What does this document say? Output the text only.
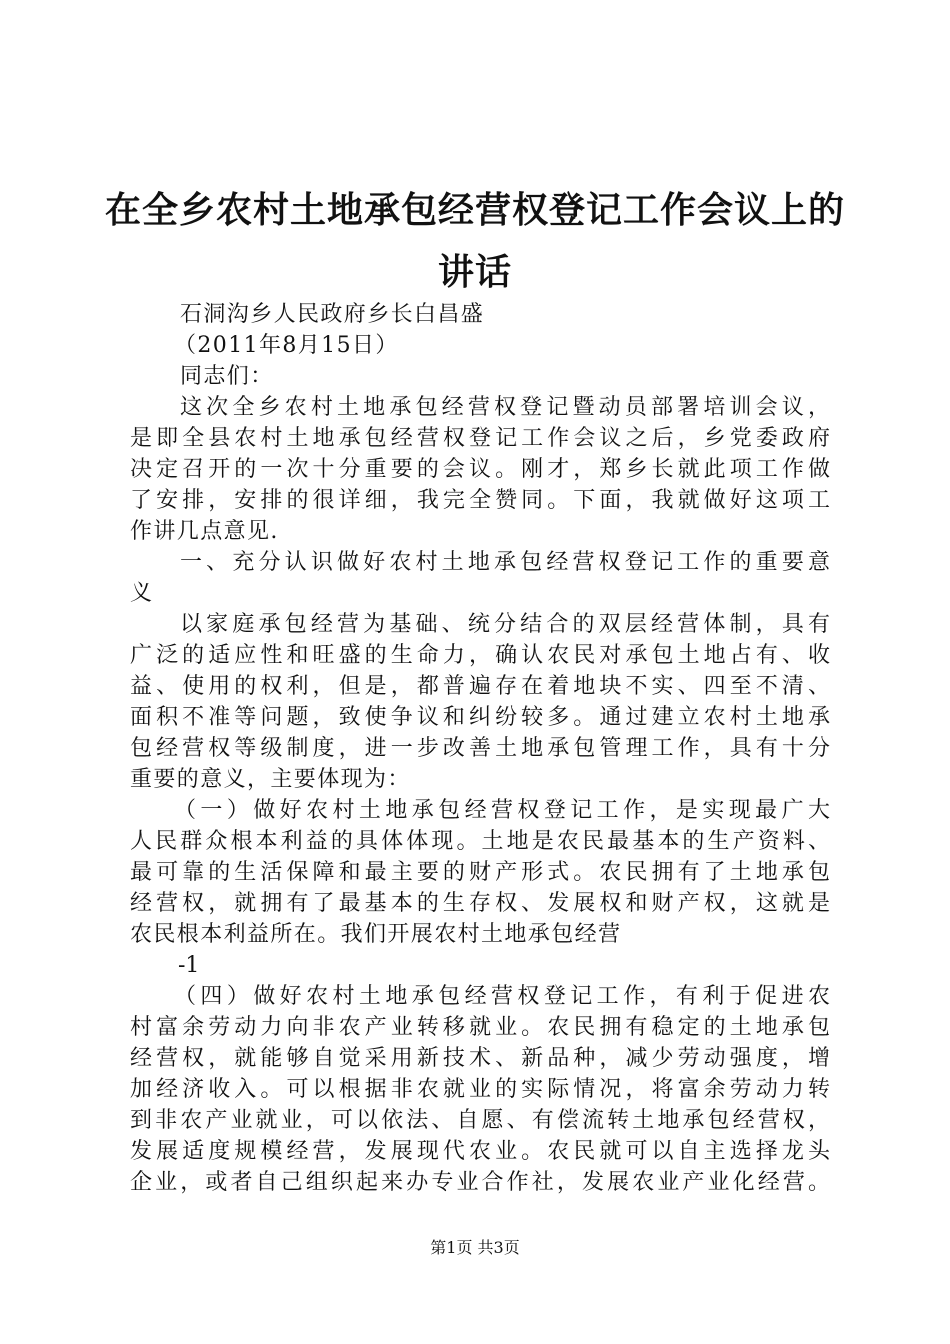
在全乡农村土地承包经营权登记工作会议上的
讲话
石洞沟乡人民政府乡长白昌盛
（2011年8月15日）
同志们：
这次全乡农村土地承包经营权登记暨动员部署培训会议，
是即全县农村土地承包经营权登记工作会议之后，乡党委政府
决定召开的一次十分重要的会议。刚才，郑乡长就此项工作做
了安排，安排的很详细，我完全赞同。下面，我就做好这项工
作讲几点意见.
一、充分认识做好农村土地承包经营权登记工作的重要意
义
以家庭承包经营为基础、统分结合的双层经营体制，具有
广泛的适应性和旺盛的生命力，确认农民对承包土地占有、收
益、使用的权利，但是，都普遍存在着地块不实、四至不清、
面积不准等问题，致使争议和纠纷较多。通过建立农村土地承
包经营权等级制度，进一步改善土地承包管理工作，具有十分
重要的意义，主要体现为：
（一）做好农村土地承包经营权登记工作，是实现最广大
人民群众根本利益的具体体现。土地是农民最基本的生产资料、
最可靠的生活保障和最主要的财产形式。农民拥有了土地承包
经营权，就拥有了最基本的生存权、发展权和财产权，这就是
农民根本利益所在。我们开展农村土地承包经营
-1
（四）做好农村土地承包经营权登记工作，有利于促进农
村富余劳动力向非农产业转移就业。农民拥有稳定的土地承包
经营权，就能够自觉采用新技术、新品种，减少劳动强度，增
加经济收入。可以根据非农就业的实际情况，将富余劳动力转
到非农产业就业，可以依法、自愿、有偿流转土地承包经营权，
发展适度规模经营，发展现代农业。农民就可以自主选择龙头
企业，或者自己组织起来办专业合作社，发展农业产业化经营。
第1页 共3页
